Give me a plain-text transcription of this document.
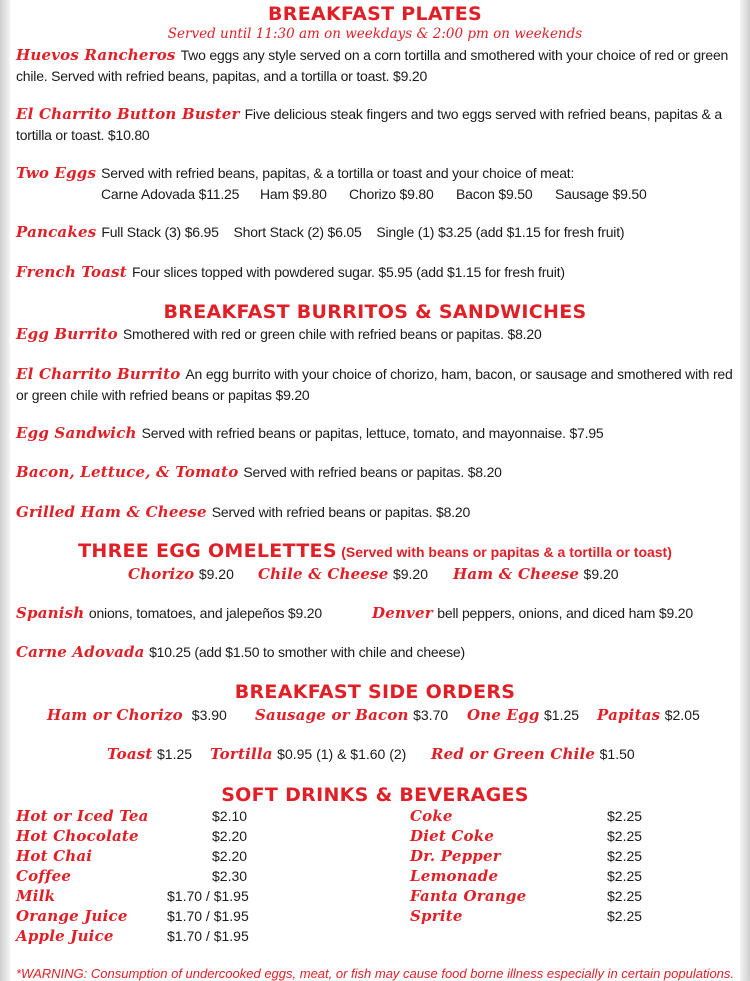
BREAKFAST PLATES
Served until 11:30 am on weekdays & 2:00 pm on weekends
Huevos Rancheros Two eggs any style served on a corn tortilla and smothered with your choice of red or green chile. Served with refried beans, papitas, and a tortilla or toast. $9.20
El Charrito Button Buster Five delicious steak fingers and two eggs served with refried beans, papitas & a tortilla or toast. $10.80
Two Eggs Served with refried beans, papitas, & a tortilla or toast and your choice of meat:
Carne Adovada $11.25 Ham $9.80 Chorizo $9.80 Bacon $9.50 Sausage $9.50
Pancakes Full Stack (3) $6.95    Short Stack (2) $6.05    Single (1) $3.25 (add $1.15 for fresh fruit)
French Toast Four slices topped with powdered sugar. $5.95 (add $1.15 for fresh fruit)
BREAKFAST BURRITOS & SANDWICHES
Egg Burrito Smothered with red or green chile with refried beans or papitas. $8.20
El Charrito Burrito An egg burrito with your choice of chorizo, ham, bacon, or sausage and smothered with red or green chile with refried beans or papitas $9.20
Egg Sandwich Served with refried beans or papitas, lettuce, tomato, and mayonnaise. $7.95
Bacon, Lettuce, & Tomato Served with refried beans or papitas. $8.20
Grilled Ham & Cheese Served with refried beans or papitas. $8.20
THREE EGG OMELETTES (Served with beans or papitas & a tortilla or toast)
Chorizo $9.20 Chile & Cheese $9.20 Ham & Cheese $9.20
Spanish onions, tomatoes, and jalepeños $9.20	Denver bell peppers, onions, and diced ham $9.20
Carne Adovada $10.25 (add $1.50 to smother with chile and cheese)
BREAKFAST SIDE ORDERS
Ham or Chorizo $3.90 Sausage or Bacon $3.70 One Egg $1.25 Papitas $2.05
Toast $1.25 Tortilla $0.95 (1) & $1.60 (2) Red or Green Chile $1.50
SOFT DRINKS & BEVERAGES
Hot or Iced Tea	$2.10
Hot Chocolate	$2.20
Hot Chai	$2.20
Coffee	$2.30
Milk	$1.70 / $1.95
Orange Juice	$1.70 / $1.95
Apple Juice	$1.70 / $1.95
Coke	$2.25
Diet Coke	$2.25
Dr. Pepper	$2.25
Lemonade	$2.25
Fanta Orange	$2.25
Sprite	$2.25
*WARNING: Consumption of undercooked eggs, meat, or fish may cause food borne illness especially in certain populations.
